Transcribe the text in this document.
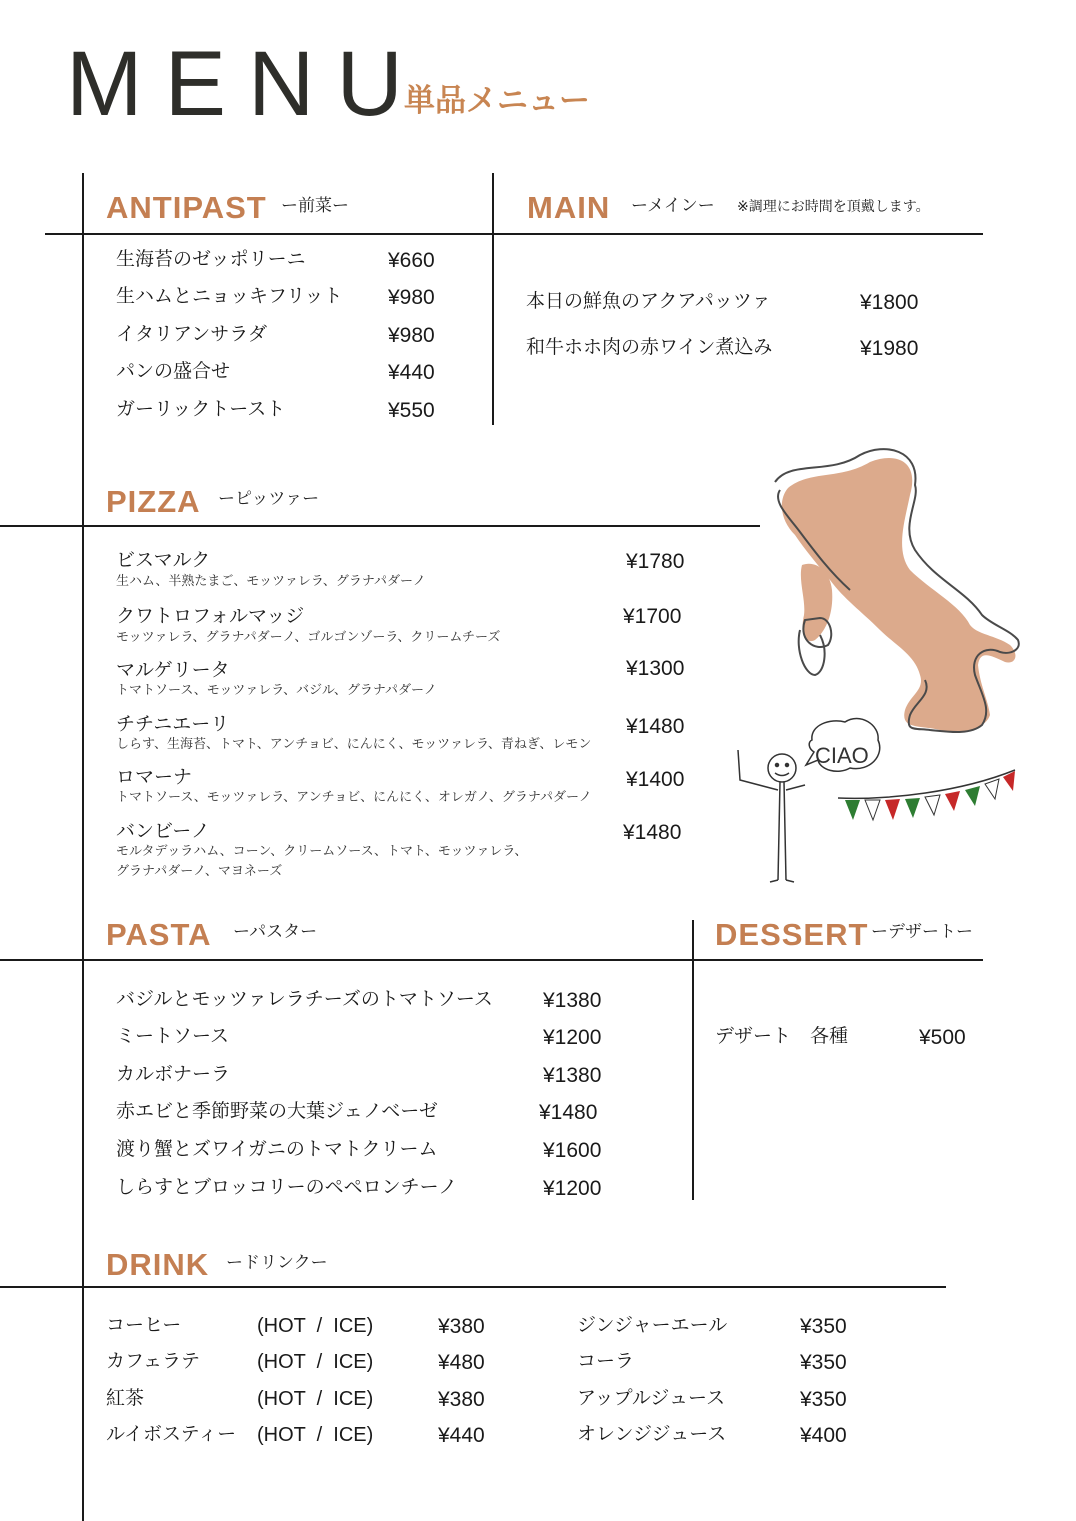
MENU
単品メニュー
ANTIPAST ー前菜ー	MAIN ーメインー ※調理にお時間を頂戴します。
生海苔のゼッポリーニ	¥660
生ハムとニョッキフリット ¥980
イタリアンサラダ	¥980
パンの盛合せ	¥440
ガーリックトースト	¥550
本日の鮮魚のアクアパッツァ	¥1800
和牛ホホ肉の赤ワイン煮込み	¥1980
PIZZA ーピッツァー
ビスマルク
生ハム、半熟たまご、モッツァレラ、グラナパダーノ
¥1780
クワトロフォルマッジ
モッツァレラ、グラナパダーノ、ゴルゴンゾーラ、クリームチーズ
¥1700
マルゲリータ
トマトソース、モッツァレラ、バジル、グラナパダーノ
¥1300
チチニエーリ
しらす、生海苔、トマト、アンチョビ、にんにく、モッツァレラ、青ねぎ、レモン
¥1480
ロマーナ
トマトソース、モッツァレラ、アンチョビ、にんにく、オレガノ、グラナパダーノ
¥1400
バンビーノ
モルタデッラハム、コーン、クリームソース、トマト、モッツァレラ、
グラナパダーノ、マヨネーズ
¥1480
CIAO
PASTA ーパスター	DESSERT ーデザートー
バジルとモッツァレラチーズのトマトソース ¥1380
ミートソース	¥1200
カルボナーラ	¥1380
赤エビと季節野菜の大葉ジェノベーゼ	¥1480
渡り蟹とズワイガニのトマトクリーム	¥1600
しらすとブロッコリーのペペロンチーノ	¥1200
デザート　各種	¥500
DRINK ードリンクー
コーヒー	(HOT  /  ICE)	¥380
カフェラテ	(HOT  /  ICE)	¥480
紅茶	(HOT  /  ICE)	¥380
ルイボスティー (HOT  /  ICE)	¥440
ジンジャーエール	¥350
コーラ	¥350
アップルジュース	¥350
オレンジジュース	¥400
